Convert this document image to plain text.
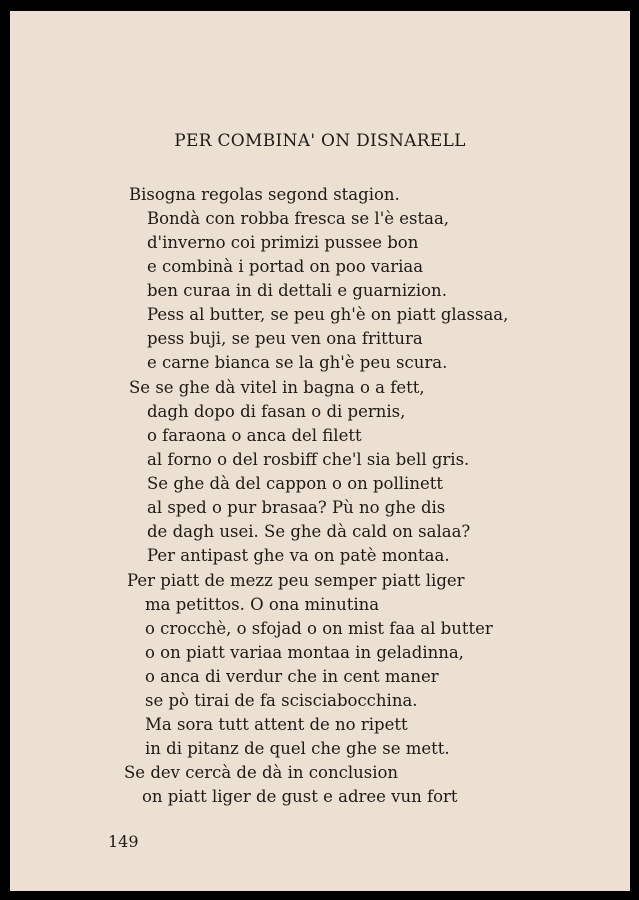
PER COMBINA' ON DISNARELL
Bisogna regolas segond stagion.
Bondà con robba fresca se l'è estaa,
d'inverno coi primizi pussee bon
e combinà i portad on poo variaa
ben curaa in di dettali e guarnizion.
Pess al butter, se peu gh'è on piatt glassaa,
pess buji, se peu ven ona frittura
e carne bianca se la gh'è peu scura.
Se se ghe dà vitel in bagna o a fett,
dagh dopo di fasan o di pernis,
o faraona o anca del filett
al forno o del rosbiff che'l sia bell gris.
Se ghe dà del cappon o on pollinett
al sped o pur brasaa? Pù no ghe dis
de dagh usei. Se ghe dà cald on salaa?
Per antipast ghe va on patè montaa.
Per piatt de mezz peu semper piatt liger
ma petittos. O ona minutina
o crocchè, o sfojad o on mist faa al butter
o on piatt variaa montaa in geladinna,
o anca di verdur che in cent maner
se pò tirai de fa scisciabocchina.
Ma sora tutt attent de no ripett
in di pitanz de quel che ghe se mett.
Se dev cercà de dà in conclusion
on piatt liger de gust e adree vun fort
149
